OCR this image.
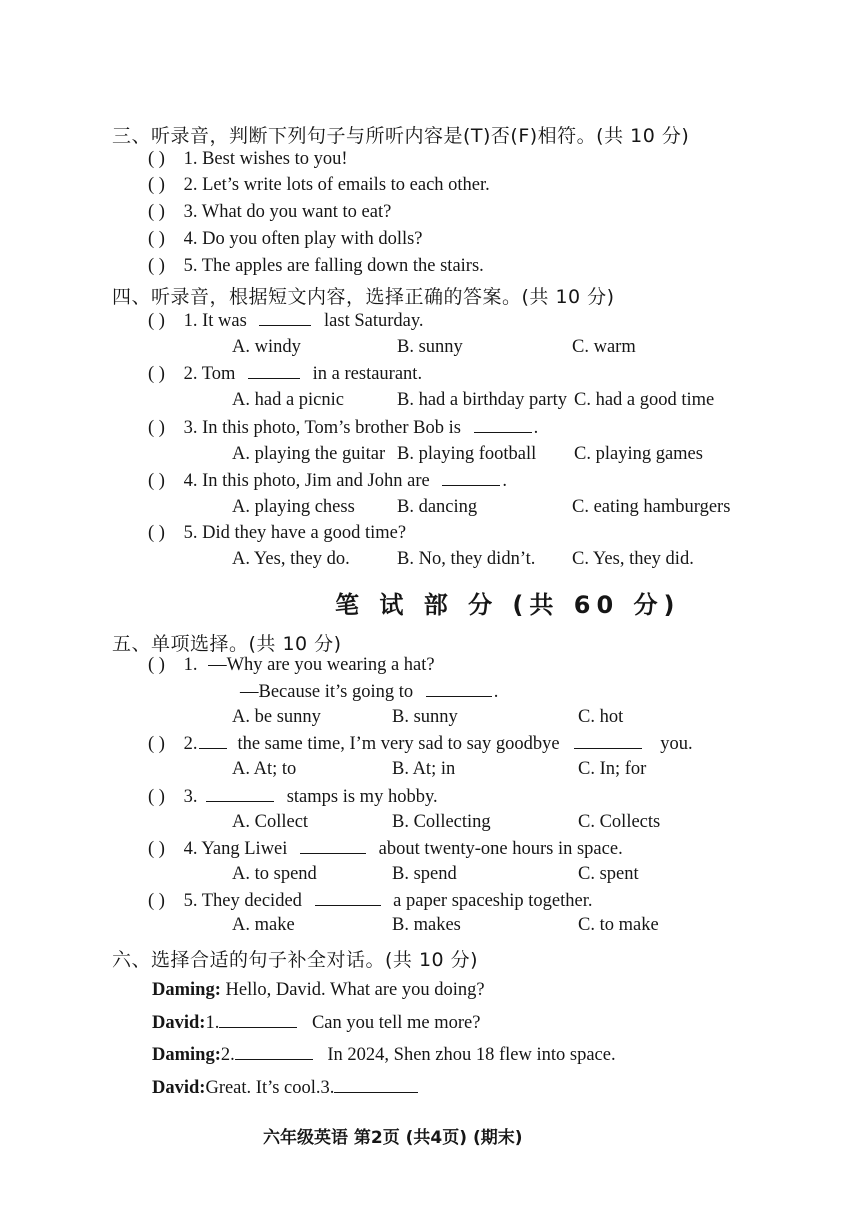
三、听录音，判断下列句子与所听内容是(T)否(F)相符。(共 10 分)
( ) 1. Best wishes to you!
( ) 2. Let’s write lots of emails to each other.
( ) 3. What do you want to eat?
( ) 4. Do you often play with dolls?
( ) 5. The apples are falling down the stairs.
四、听录音，根据短文内容，选择正确的答案。(共 10 分)
( ) 1. It was	last Saturday.
A. windy	B. sunny	C. warm
( ) 2. Tom	in a restaurant.
A. had a picnic	B. had a birthday party C. had a good time
( ) 3. In this photo, Tom’s brother Bob is	.
A. playing the guitar B. playing football C. playing games
( ) 4. In this photo, Jim and John are	.
A. playing chess B. dancing	C. eating hamburgers
( ) 5. Did they have a good time?
A. Yes, they do.	B. No, they didn’t. C. Yes, they did.
笔 试 部 分 (共 60 分)
五、单项选择。(共 10 分)
( ) 1. —Why are you wearing a hat?
—Because it’s going to	.
A. be sunny	B. sunny	C. hot
( ) 2. the same time, I’m very sad to say goodbye	you.
A. At; to	B. At; in	C. In; for
( ) 3.	stamps is my hobby.
A. Collect	B. Collecting	C. Collects
( ) 4. Yang Liwei	about twenty-one hours in space.
A. to spend	B. spend	C. spent
( ) 5. They decided	a paper spaceship together.
A. make	B. makes	C. to make
六、选择合适的句子补全对话。(共 10 分)
Daming: Hello, David. What are you doing?
David:1.	Can you tell me more?
Daming:2.	In 2024, Shen zhou 18 flew into space.
David:Great. It’s cool.3.
六年级英语 第2页 (共4页) (期末)
